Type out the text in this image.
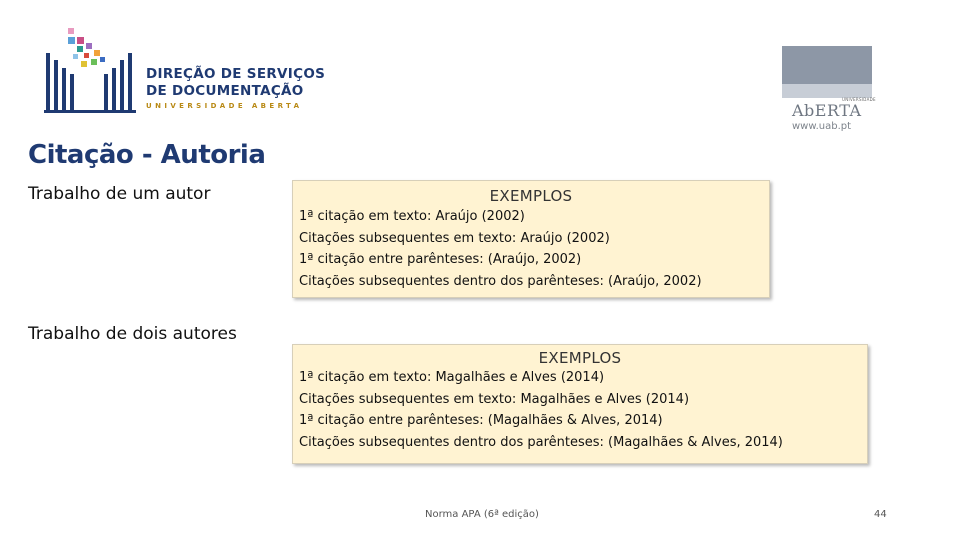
DIREÇÃO DE SERVIÇOS
DE DOCUMENTAÇÃO
UNIVERSIDADE ABERTA
UNIVERSIDADE
AbERTA
www.uab.pt
Citação - Autoria
Trabalho de um autor	EXEMPLOS
1ª citação em texto: Araújo (2002)
Citações subsequentes em texto: Araújo (2002)
1ª citação entre parênteses: (Araújo, 2002)
Citações subsequentes dentro dos parênteses: (Araújo, 2002)
Trabalho de dois autores
EXEMPLOS
1ª citação em texto: Magalhães e Alves (2014)
Citações subsequentes em texto: Magalhães e Alves (2014)
1ª citação entre parênteses: (Magalhães & Alves, 2014)
Citações subsequentes dentro dos parênteses: (Magalhães & Alves, 2014)
Norma APA (6ª edição)	44
